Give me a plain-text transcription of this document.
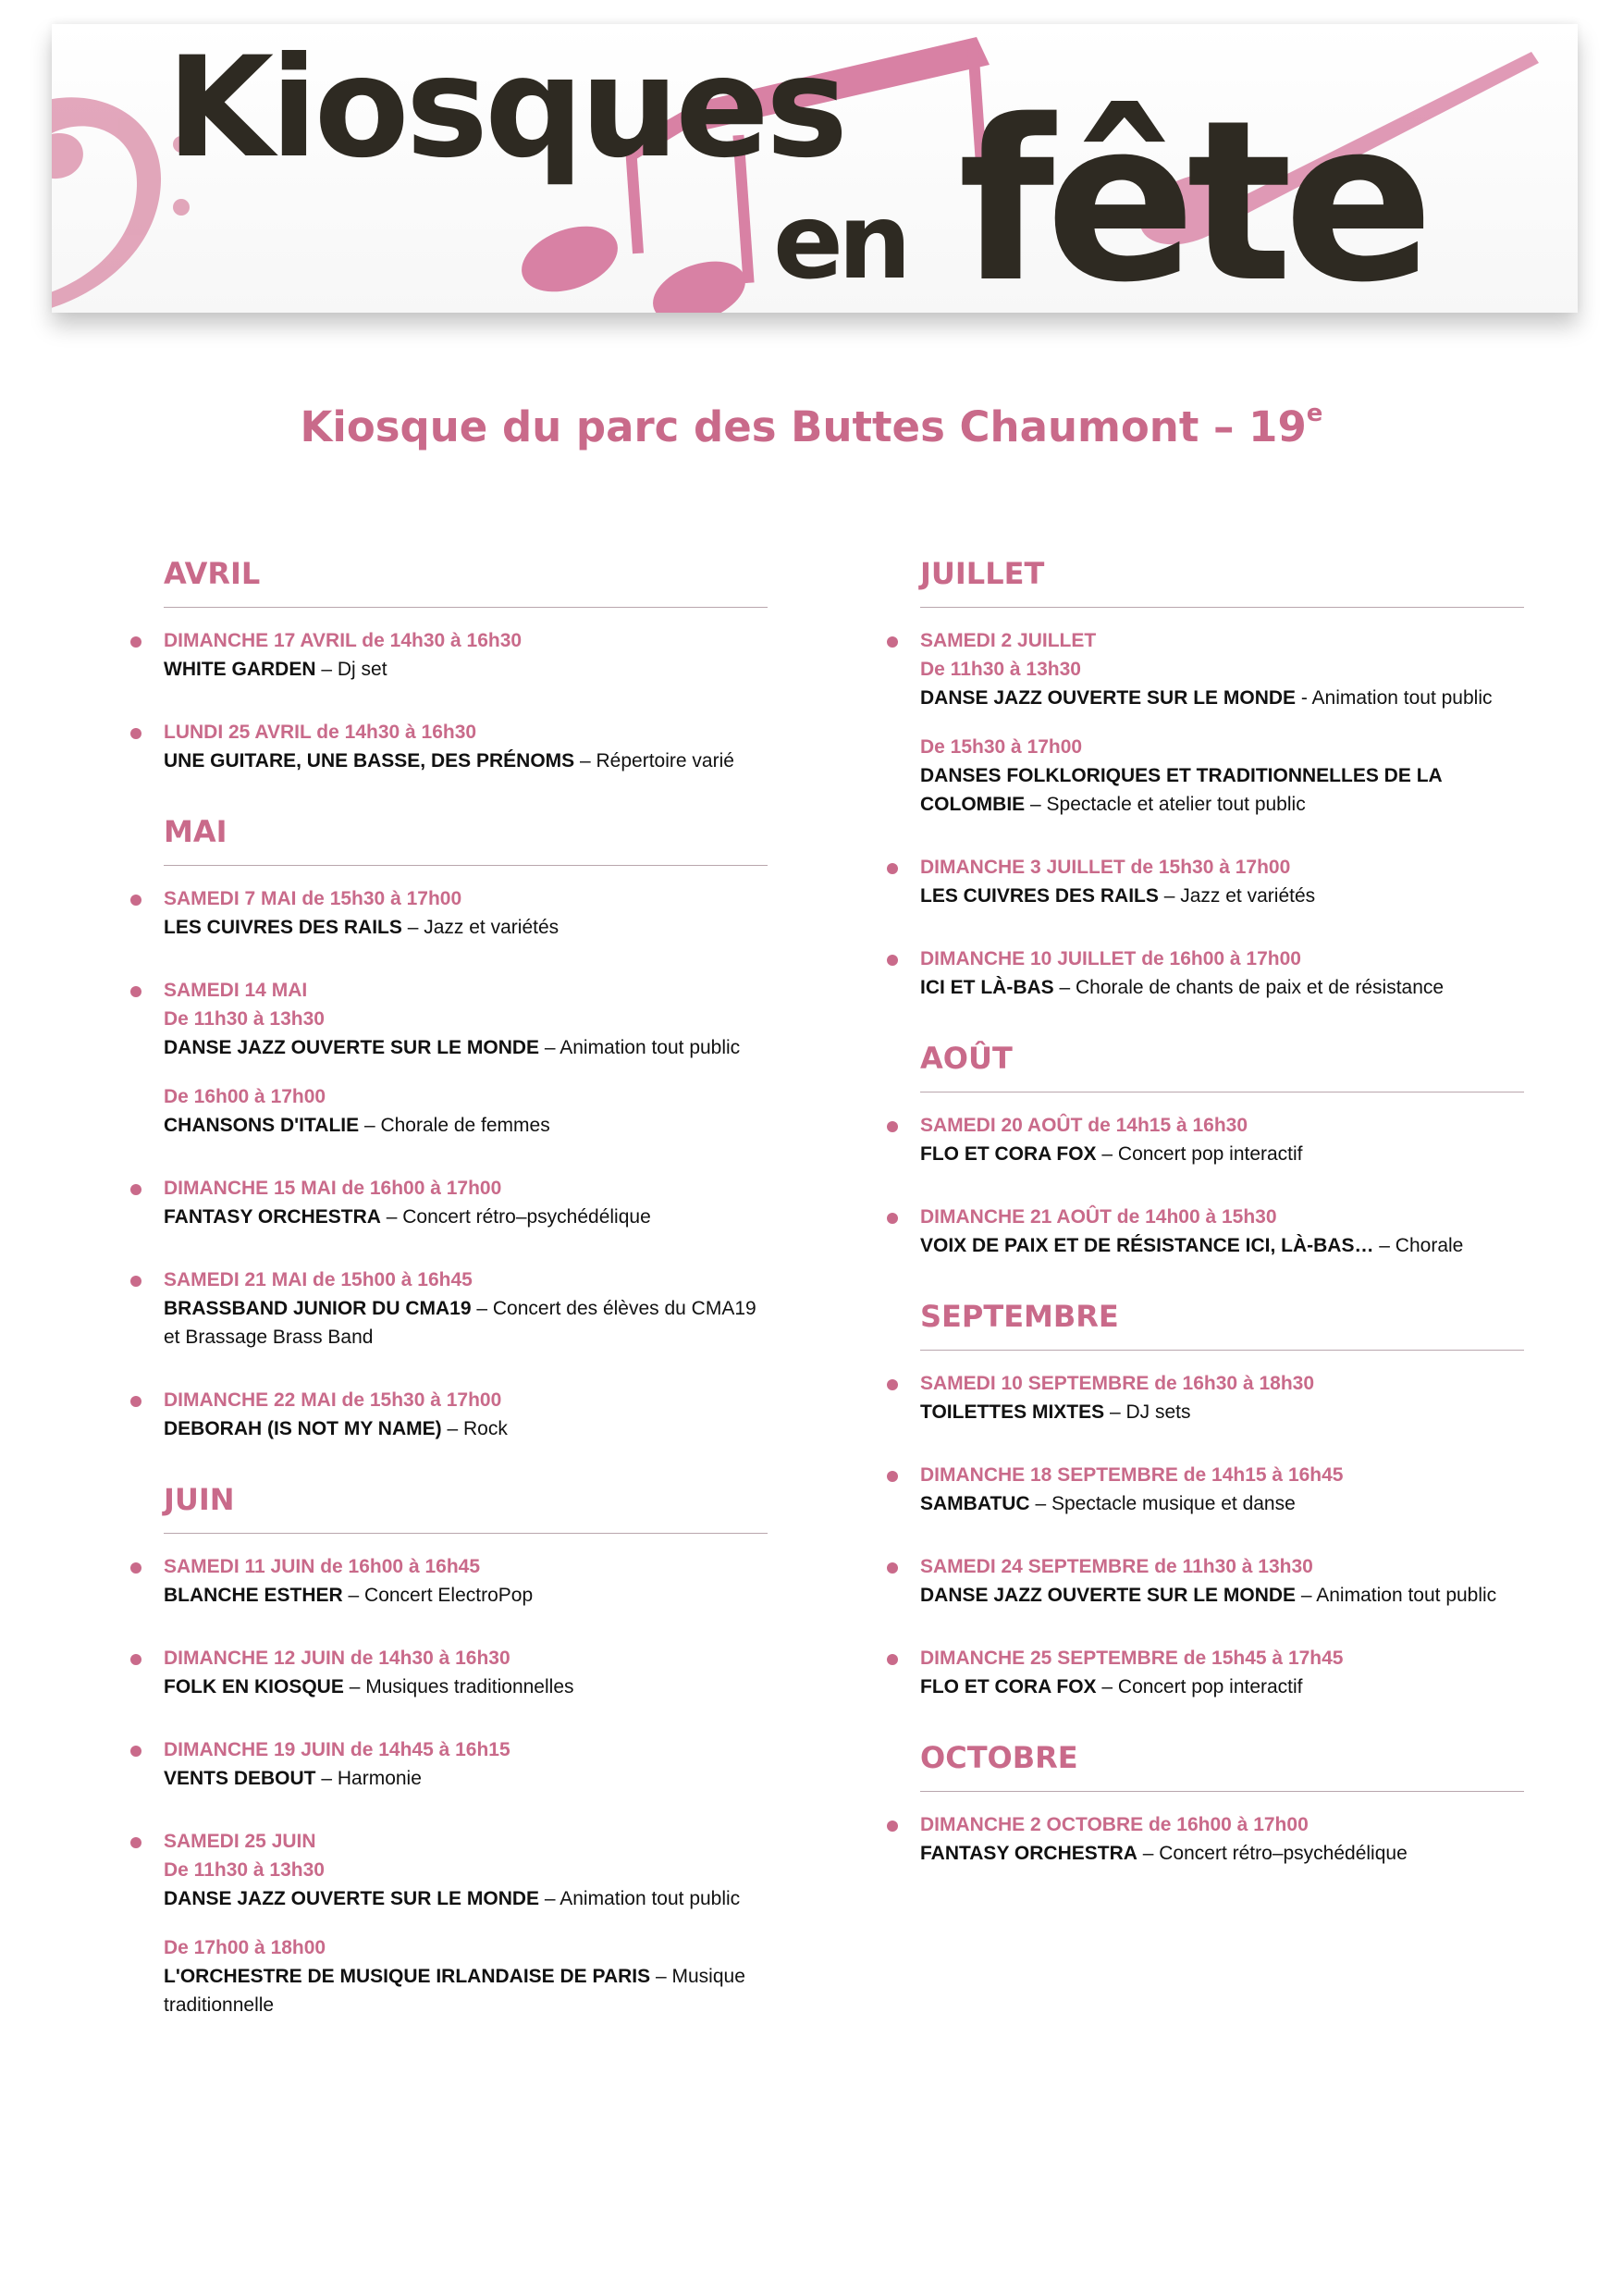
Kiosques

en fête

Kiosque du parc des Buttes Chaumont – 19e
AVRIL

DIMANCHE 17 AVRIL de 14h30 à 16h30

WHITE GARDEN – Dj set

LUNDI 25 AVRIL de 14h30 à 16h30

UNE GUITARE, UNE BASSE, DES PRÉNOMS – Répertoire varié

MAI

SAMEDI 7 MAI de 15h30 à 17h00

LES CUIVRES DES RAILS – Jazz et variétés

SAMEDI 14 MAI

De 11h30 à 13h30

DANSE JAZZ OUVERTE SUR LE MONDE – Animation tout public

De 16h00 à 17h00

CHANSONS D'ITALIE – Chorale de femmes

DIMANCHE 15 MAI de 16h00 à 17h00

FANTASY ORCHESTRA – Concert rétro–psychédélique

SAMEDI 21 MAI de 15h00 à 16h45

BRASSBAND JUNIOR DU CMA19 – Concert des élèves du CMA19 et Brassage Brass Band

DIMANCHE 22 MAI de 15h30 à 17h00

DEBORAH (IS NOT MY NAME) – Rock

JUIN

SAMEDI 11 JUIN de 16h00 à 16h45

BLANCHE ESTHER – Concert ElectroPop

DIMANCHE 12 JUIN de 14h30 à 16h30

FOLK EN KIOSQUE – Musiques traditionnelles

DIMANCHE 19 JUIN de 14h45 à 16h15

VENTS DEBOUT – Harmonie

SAMEDI 25 JUIN

De 11h30 à 13h30

DANSE JAZZ OUVERTE SUR LE MONDE – Animation tout public

De 17h00 à 18h00

L'ORCHESTRE DE MUSIQUE IRLANDAISE DE PARIS – Musique traditionnelle

JUILLET

SAMEDI 2 JUILLET

De 11h30 à 13h30

DANSE JAZZ OUVERTE SUR LE MONDE - Animation tout public

De 15h30 à 17h00

DANSES FOLKLORIQUES ET TRADITIONNELLES DE LA COLOMBIE – Spectacle et atelier tout public

DIMANCHE 3 JUILLET de 15h30 à 17h00

LES CUIVRES DES RAILS – Jazz et variétés

DIMANCHE 10 JUILLET de 16h00 à 17h00

ICI ET LÀ-BAS – Chorale de chants de paix et de résistance

AOÛT

SAMEDI 20 AOÛT de 14h15 à 16h30

FLO ET CORA FOX – Concert pop interactif

DIMANCHE 21 AOÛT de 14h00 à 15h30

VOIX DE PAIX ET DE RÉSISTANCE ICI, LÀ-BAS… – Chorale

SEPTEMBRE

SAMEDI 10 SEPTEMBRE de 16h30 à 18h30

TOILETTES MIXTES – DJ sets

DIMANCHE 18 SEPTEMBRE de 14h15 à 16h45

SAMBATUC – Spectacle musique et danse

SAMEDI 24 SEPTEMBRE de 11h30 à 13h30

DANSE JAZZ OUVERTE SUR LE MONDE – Animation tout public

DIMANCHE 25 SEPTEMBRE de 15h45 à 17h45

FLO ET CORA FOX – Concert pop interactif

OCTOBRE

DIMANCHE 2 OCTOBRE de 16h00 à 17h00

FANTASY ORCHESTRA – Concert rétro–psychédélique
